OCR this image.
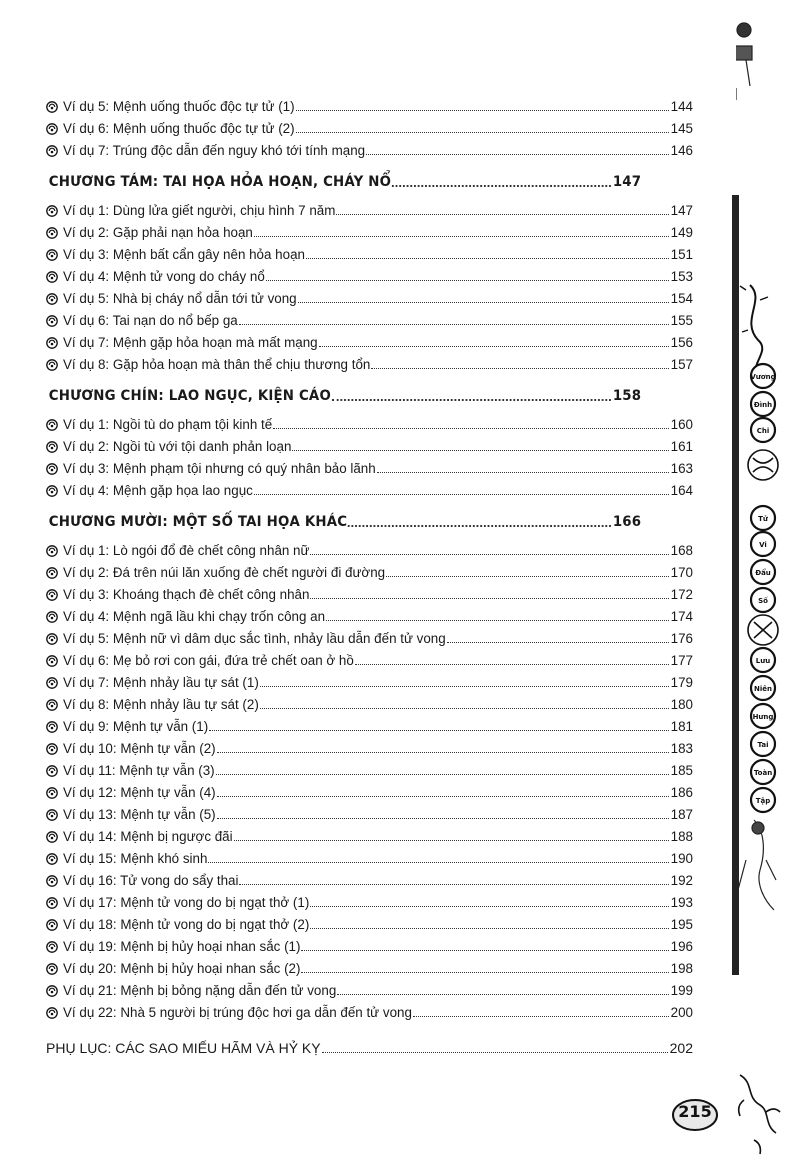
Ví dụ 5: Mệnh uống thuốc độc tự tử (1)	144
Ví dụ 6: Mệnh uống thuốc độc tự tử (2)	145
Ví dụ 7: Trúng độc dẫn đến nguy khó tới tính mạng	146
CHƯƠNG TÁM: TAI HỌA HỎA HOẠN, CHÁY NỔ	147
Ví dụ 1: Dùng lửa giết người, chịu hình 7 năm	147
Ví dụ 2: Gặp phải nạn hỏa hoạn	149
Ví dụ 3: Mệnh bất cẩn gây nên hỏa hoạn	151
Ví dụ 4: Mệnh tử vong do cháy nổ	153
Ví dụ 5: Nhà bị cháy nổ dẫn tới tử vong	154
Ví dụ 6: Tai nạn do nổ bếp ga	155
Ví dụ 7: Mệnh gặp hỏa hoạn mà mất mạng	156
Ví dụ 8: Gặp hỏa hoạn mà thân thể chịu thương tổn	157
CHƯƠNG CHÍN: LAO NGỤC, KIỆN CÁO	158
Ví dụ 1: Ngồi tù do phạm tội kinh tế	160
Ví dụ 2: Ngồi tù với tội danh phản loạn	161
Ví dụ 3: Mệnh phạm tội nhưng có quý nhân bảo lãnh	163
Ví dụ 4: Mệnh gặp họa lao ngục	164
CHƯƠNG MƯỜI: MỘT SỐ TAI HỌA KHÁC	166
Ví dụ 1: Lò ngói đổ đè chết công nhân nữ	168
Ví dụ 2: Đá trên núi lăn xuống đè chết người đi đường	170
Ví dụ 3: Khoáng thạch đè chết công nhân	172
Ví dụ 4: Mệnh ngã lầu khi chạy trốn công an	174
Ví dụ 5: Mệnh nữ vì dâm dục sắc tình, nhảy lầu dẫn đến tử vong	176
Ví dụ 6: Mẹ bỏ rơi con gái, đứa trẻ chết oan ở hồ	177
Ví dụ 7: Mệnh nhảy lầu tự sát (1)	179
Ví dụ 8: Mệnh nhảy lầu tự sát (2)	180
Ví dụ 9: Mệnh tự vẫn (1)	181
Ví dụ 10: Mệnh tự vẫn (2)	183
Ví dụ 11: Mệnh tự vẫn (3)	185
Ví dụ 12: Mệnh tự vẫn (4)	186
Ví dụ 13: Mệnh tự vẫn (5)	187
Ví dụ 14: Mệnh bị ngược đãi	188
Ví dụ 15: Mệnh khó sinh	190
Ví dụ 16: Tử vong do sẩy thai	192
Ví dụ 17: Mệnh tử vong do bị ngạt thở (1)	193
Ví dụ 18: Mệnh tử vong do bị ngạt thở (2)	195
Ví dụ 19: Mệnh bị hủy hoại nhan sắc (1)	196
Ví dụ 20: Mệnh bị hủy hoại nhan sắc (2)	198
Ví dụ 21: Mệnh bị bỏng nặng dẫn đến tử vong	199
Ví dụ 22: Nhà 5 người bị trúng độc hơi ga dẫn đến tử vong	200
PHỤ LỤC: CÁC SAO MIẾU HÃM VÀ HỶ KỴ	202
Vương
Đình
Chi
Tử
Vi
Đẩu
Số
Lưu
Niên
Hưng
Tai
Toàn
Tập
215
